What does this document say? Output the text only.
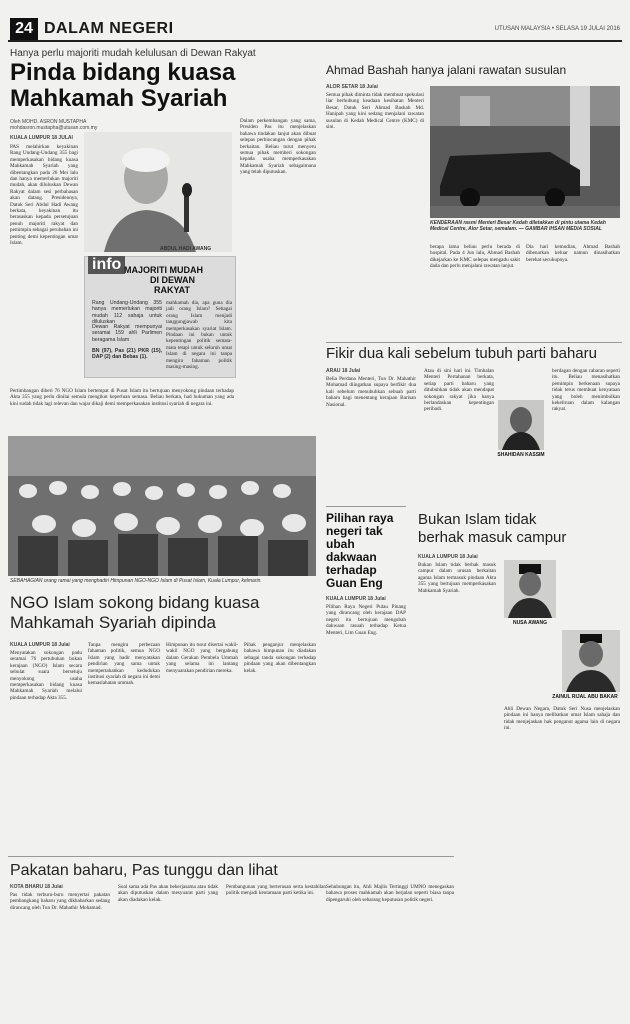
24 DALAM NEGERI	UTUSAN MALAYSIA • SELASA 19 JULAI 2016
Hanya perlu majoriti mudah kelulusan di Dewan Rakyat
Pinda bidang kuasa
Mahkamah Syariah
Oleh MOHD. ASRON MUSTAPHA
mohdasron.mustapha@utusan.com.my
KUALA LUMPUR 18 JULAI
PAS melahirkan keyakinan Rang Undang-Undang 355 bagi memperkasakan bidang kuasa Mahkamah Syariah yang dibentangkan pada 26 Mei lalu dan hanya memerlukan majoriti mudah, akan diluluskan Dewan Rakyat dalam sesi perbahasan akan datang. Presidennya, Datuk Seri Abdul Hadi Awang berkata, keyakinan itu berasaskan kepada persetujuan penuh majoriti rakyat dan pemimpin sebagai perubahan ini penting demi kepentingan umat Islam.
ABDUL HADI AWANG
Dalam perkembangan yang sama, Presiden Pas itu menjelaskan bahawa tindakan lanjut akan dibuat selepas perbincangan dengan pihak berkaitan. Beliau turut menyeru semua pihak memberi sokongan kepada usaha memperkasakan Mahkamah Syariah sebagaimana yang telah diputuskan.
info MAJORITI MUDAH
DI DEWAN
RAKYAT
Rang Undang-Undang 355 hanya memerlukan majoriti mudah 112 sahaja untuk diluluskan
Dewan Rakyat mempunyai seramai 159 ahli Parlimen beragama Islam
BN (97), Pas (21) PKR (15), DAP (2) dan Bebas (1).
mahkamah dia, apa guna dia jadi orang Islam? Sebagai orang Islam menjadi tanggungjawab kita memperkasakan syariat Islam. Pindaan ini bukan untuk kepentingan politik semata-mata tetapi untuk seluruh umat Islam di negara ini tanpa mengira fahaman politik masing-masing.
Pertimbangan diberi 76 NGO Islam bertempat di Pusat Islam itu bertujuan menyokong pindaan terhadap Akta 355 yang perlu dinilai semula mengikut keperluan semasa. Beliau berkata, had hukuman yang ada kini sudah tidak lagi relevan dan wajar dikaji demi memperkasakan institusi syariah di negara ini.
SEBAHAGIAN orang ramai yang menghadiri Himpunan NGO-NGO Islam di Pusat Islam, Kuala Lumpur, kelmarin.
NGO Islam sokong bidang kuasa
Mahkamah Syariah dipinda
KUALA LUMPUR 18 Julai
Menyatakan sokongan padu seramai 76 pertubuhan bukan kerajaan (NGO) Islam secara sebulat suara bersetuju menyokong usaha memperkasakan bidang kuasa Mahkamah Syariah melalui pindaan terhadap Akta 355.
Tanpa mengira perbezaan fahaman politik, semua NGO Islam yang hadir menyatakan pendirian yang sama untuk mempertahankan kedudukan institusi syariah di negara ini demi kemaslahatan ummah.
Himpunan itu turut disertai wakil-wakil NGO yang bergabung dalam Gerakan Pembela Ummah yang selama ini lantang menyuarakan pendirian mereka.
Pihak penganjur menjelaskan bahawa himpunan itu diadakan sebagai tanda sokongan terhadap pindaan yang akan dibentangkan kelak.
Pakatan baharu, Pas tunggu dan lihat
KOTA BHARU 18 Julai
Pas tidak terburu-buru menyertai pakatan pembangkang baharu yang dikhabarkan sedang dirancang oleh Tun Dr. Mahathir Mohamad.
Soal sama ada Pas akan bekerjasama atau tidak akan diputuskan dalam mesyuarat parti yang akan diadakan kelak.
Pembangunan yang berterusan serta kestabilan politik menjadi keutamaan parti ketika ini.
Ahmad Bashah hanya jalani rawatan susulan
ALOR SETAR 18 Julai
Semua pihak diminta tidak membuat spekulasi liar berhubung keadaan kesihatan Menteri Besar, Datuk Seri Ahmad Bashah Md. Hanipah yang kini sedang menjalani rawatan susulan di Kedah Medical Centre (KMC) di sini.
KENDERAAN rasmi Menteri Besar Kedah diletakkan di pintu utama Kedah Medical Centre, Alor Setar, semalam. — GAMBAR IHSAN MEDIA SOSIAL
berapa lama beliau perlu berada di hospital. Pada 4 Jun lalu, Ahmad Bashah dikejarkan ke KMC selepas mengadu sakit dada dan perlu menjalani rawatan lanjut.
Dia hari kemudian, Ahmad Bashah dibenarkan keluar namun dinasihatkan berehat secukupnya.
Fikir dua kali sebelum tubuh parti baharu
ARAU 18 Julai
Belia Perdana Menteri, Tun Dr. Mahathir Mohamad diingatkan supaya berfikir dua kali sebelum menubuhkan sebuah parti baharu bagi menentang kerajaan Barisan Nasional.
Atau di sini hari ini. Timbalan Menteri Pertahanan berkata, setiap parti baharu yang ditubuhkan tidak akan mendapat sokongan rakyat jika hanya berlandaskan kepentingan peribadi.
SHAHIDAN KASSIM
berdagan dengan cabaran seperti itu. Beliau menasihatkan pemimpin berkenaan supaya tidak terus membuat kenyataan yang boleh menimbulkan kekeliruan dalam kalangan rakyat.
Pilihan raya negeri tak ubah dakwaan terhadap Guan Eng
KUALA LUMPUR 18 Julai
Pilihan Raya Negeri Pulau Pinang yang dirancang oleh kerajaan DAP negeri itu bertujuan mengubah dakwaan rasuah terhadap Ketua Menteri, Lim Guan Eng.
Sehubungan itu, Ahli Majlis Tertinggi UMNO menegaskan bahawa proses mahkamah akan berjalan seperti biasa tanpa dipengaruhi oleh sebarang keputusan politik negeri.
Bukan Islam tidak
berhak masuk campur
KUALA LUMPUR 18 Julai
Bukan Islam tidak berhak masuk campur dalam urusan berkaitan agama Islam termasuk pindaan Akta 355 yang bertujuan memperkasakan Mahkamah Syariah.
NUSA AWANG
ZAINUL RIJAL ABU BAKAR
Ahli Dewan Negara, Datuk Seri Nusa menjelaskan pindaan ini hanya melibatkan umat Islam sahaja dan tidak menjejaskan hak penganut agama lain di negara ini.
